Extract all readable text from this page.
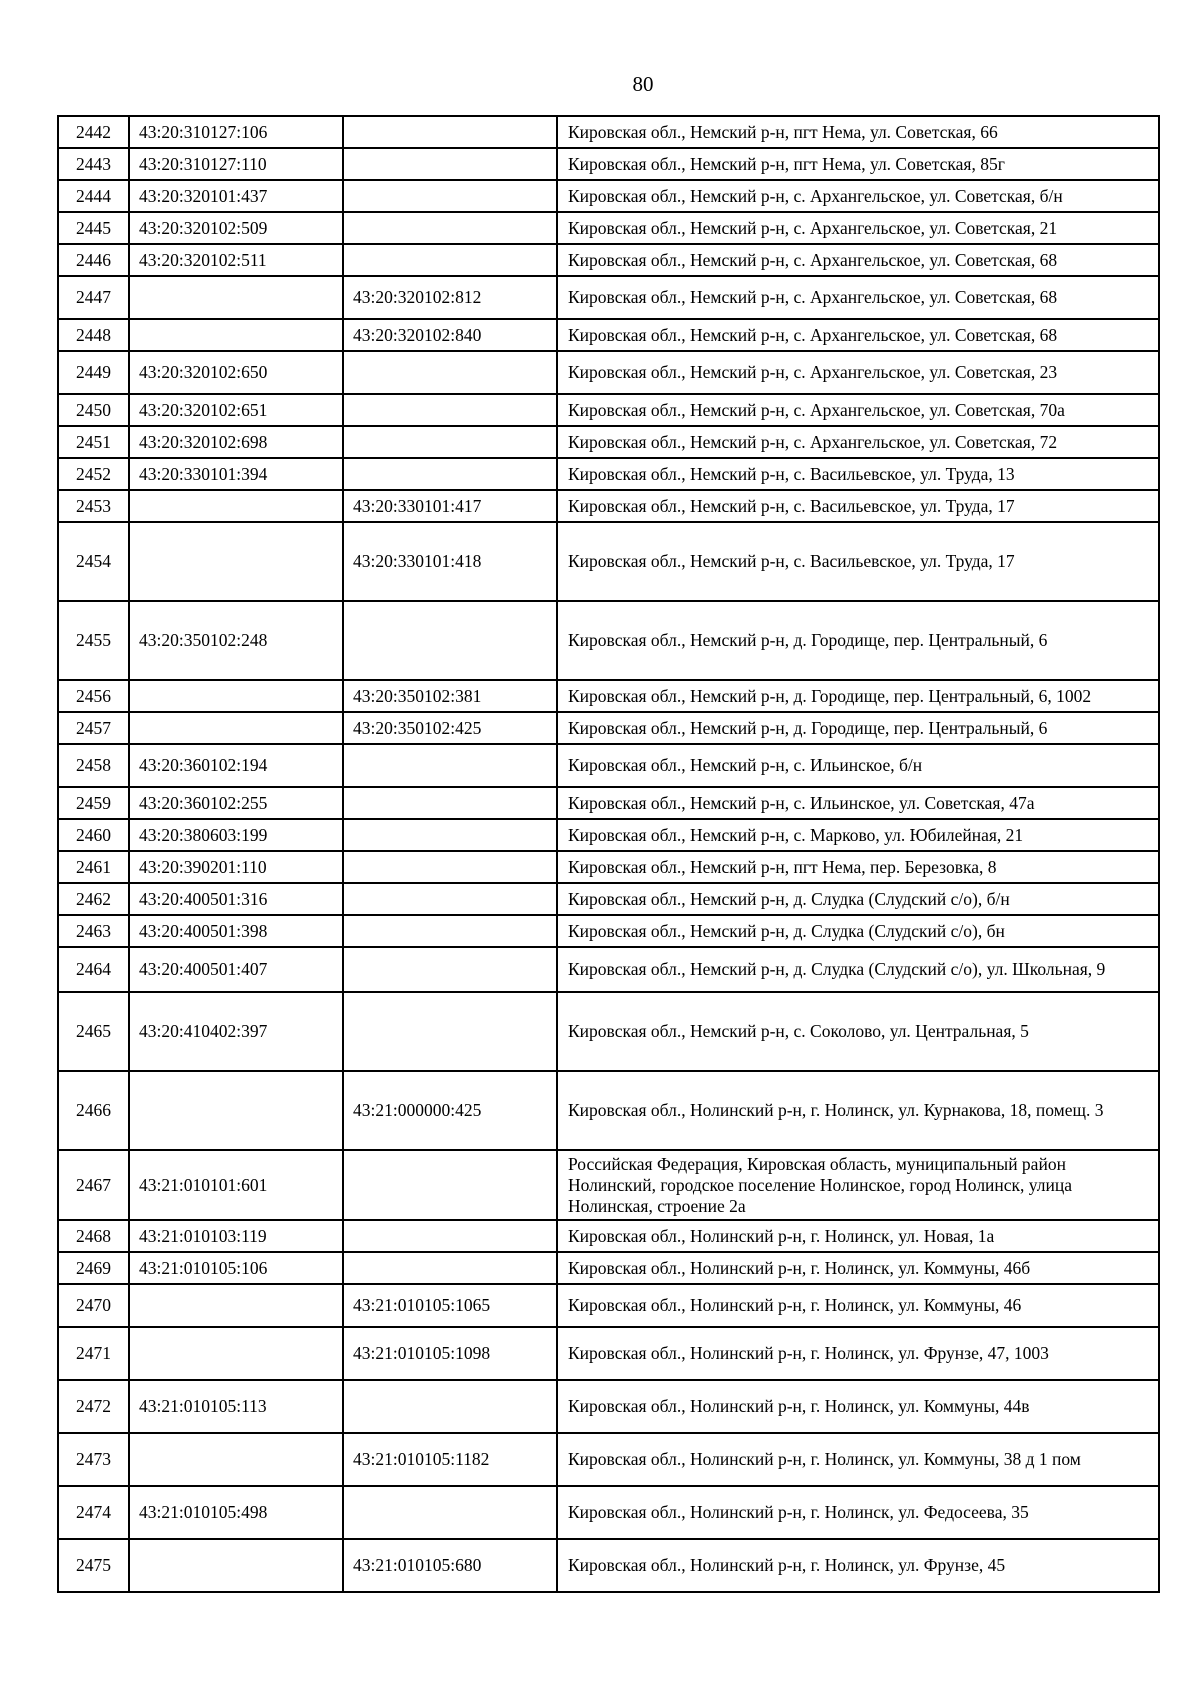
80
2442	43:20:310127:106		Кировская обл., Немский р-н, пгт Нема, ул. Советская, 66
2443	43:20:310127:110		Кировская обл., Немский р-н, пгт Нема, ул. Советская, 85г
2444	43:20:320101:437		Кировская обл., Немский р-н, с. Архангельское, ул. Советская, б/н
2445	43:20:320102:509		Кировская обл., Немский р-н, с. Архангельское, ул. Советская, 21
2446	43:20:320102:511		Кировская обл., Немский р-н, с. Архангельское, ул. Советская, 68
2447		43:20:320102:812	Кировская обл., Немский р-н, с. Архангельское, ул. Советская, 68
2448		43:20:320102:840	Кировская обл., Немский р-н, с. Архангельское, ул. Советская, 68
2449	43:20:320102:650		Кировская обл., Немский р-н, с. Архангельское, ул. Советская, 23
2450	43:20:320102:651		Кировская обл., Немский р-н, с. Архангельское, ул. Советская, 70а
2451	43:20:320102:698		Кировская обл., Немский р-н, с. Архангельское, ул. Советская, 72
2452	43:20:330101:394		Кировская обл., Немский р-н, с. Васильевское, ул. Труда, 13
2453		43:20:330101:417	Кировская обл., Немский р-н, с. Васильевское, ул. Труда, 17
2454		43:20:330101:418	Кировская обл., Немский р-н, с. Васильевское, ул. Труда, 17
2455	43:20:350102:248		Кировская обл., Немский р-н, д. Городище, пер. Центральный, 6
2456		43:20:350102:381	Кировская обл., Немский р-н, д. Городище, пер. Центральный, 6, 1002
2457		43:20:350102:425	Кировская обл., Немский р-н, д. Городище, пер. Центральный, 6
2458	43:20:360102:194		Кировская обл., Немский р-н, с. Ильинское, б/н
2459	43:20:360102:255		Кировская обл., Немский р-н, с. Ильинское, ул. Советская, 47а
2460	43:20:380603:199		Кировская обл., Немский р-н, с. Марково, ул. Юбилейная, 21
2461	43:20:390201:110		Кировская обл., Немский р-н, пгт Нема, пер. Березовка, 8
2462	43:20:400501:316		Кировская обл., Немский р-н, д. Слудка (Слудский с/о), б/н
2463	43:20:400501:398		Кировская обл., Немский р-н, д. Слудка (Слудский с/о), бн
2464	43:20:400501:407		Кировская обл., Немский р-н, д. Слудка (Слудский с/о), ул. Школьная, 9
2465	43:20:410402:397		Кировская обл., Немский р-н, с. Соколово, ул. Центральная, 5
2466		43:21:000000:425	Кировская обл., Нолинский р-н, г. Нолинск, ул. Курнакова, 18, помещ. 3
2467	43:21:010101:601		Российская Федерация, Кировская область, муниципальный район Нолинский, городское поселение Нолинское, город Нолинск, улица Нолинская, строение 2а
2468	43:21:010103:119		Кировская обл., Нолинский р-н, г. Нолинск, ул. Новая, 1а
2469	43:21:010105:106		Кировская обл., Нолинский р-н, г. Нолинск, ул. Коммуны, 46б
2470		43:21:010105:1065	Кировская обл., Нолинский р-н, г. Нолинск, ул. Коммуны, 46
2471		43:21:010105:1098	Кировская обл., Нолинский р-н, г. Нолинск, ул. Фрунзе, 47, 1003
2472	43:21:010105:113		Кировская обл., Нолинский р-н, г. Нолинск, ул. Коммуны, 44в
2473		43:21:010105:1182	Кировская обл., Нолинский р-н, г. Нолинск, ул. Коммуны, 38 д 1 пом
2474	43:21:010105:498		Кировская обл., Нолинский р-н, г. Нолинск, ул. Федосеева, 35
2475		43:21:010105:680	Кировская обл., Нолинский р-н, г. Нолинск, ул. Фрунзе, 45
